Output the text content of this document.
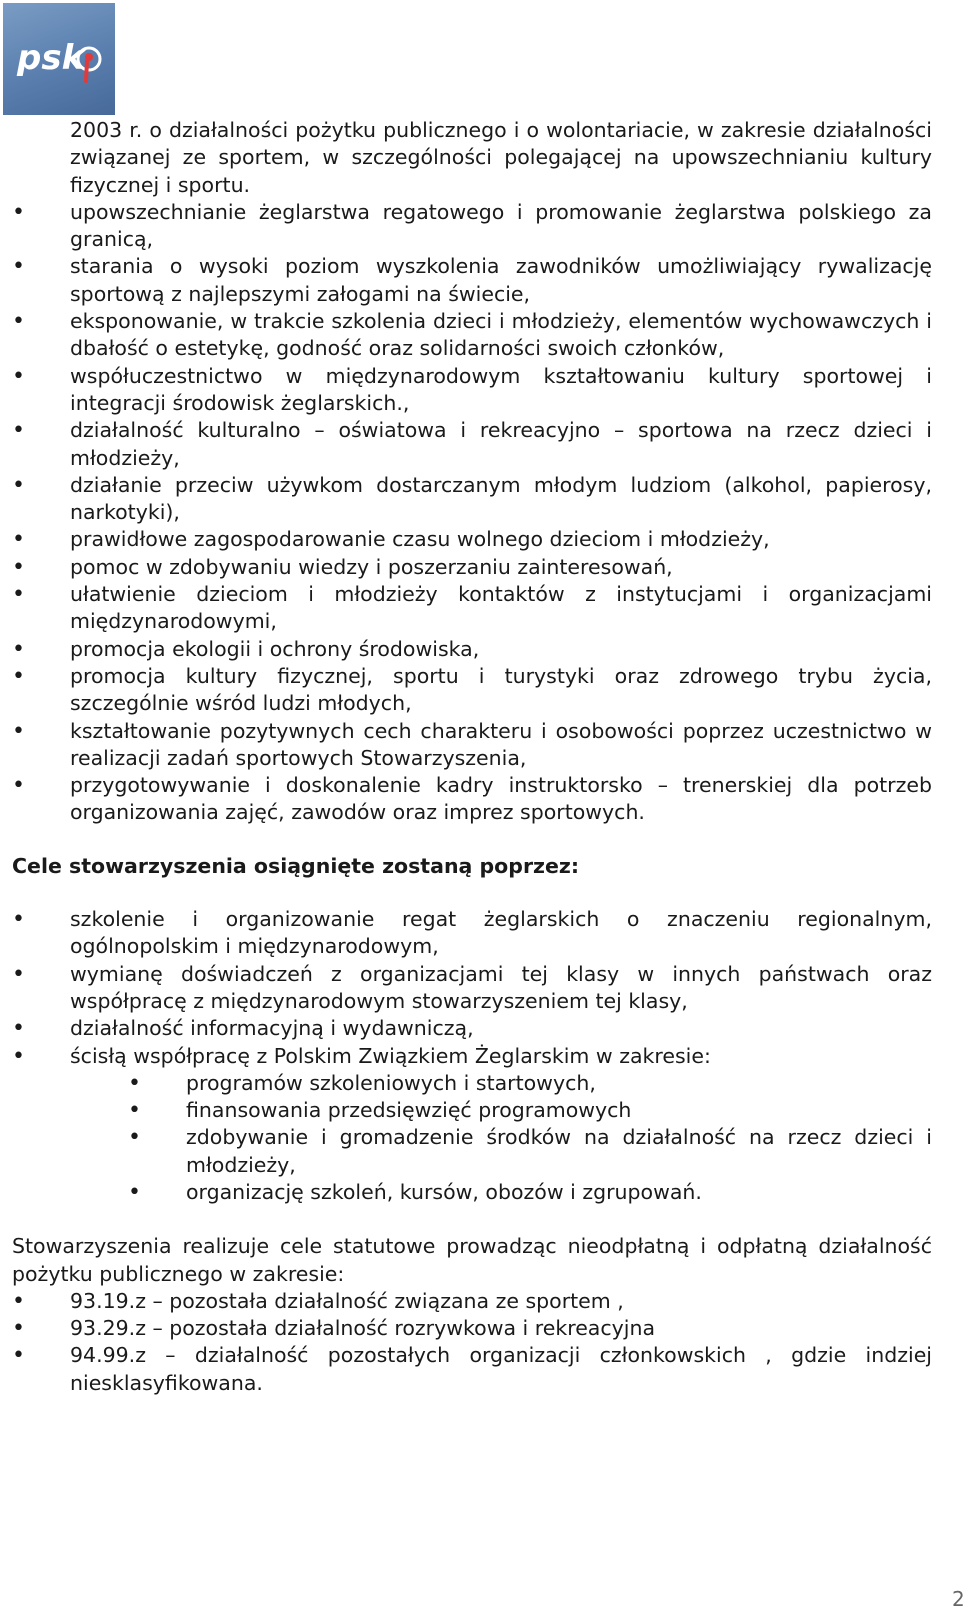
psk

2003 r. o działalności pożytku publicznego i o wolontariacie, w zakresie działalności związanej ze sportem, w szczególności polegającej na upowszechnianiu kultury fizycznej i sportu.

•	upowszechnianie żeglarstwa regatowego i promowanie żeglarstwa polskiego za granicą,
•	starania o wysoki poziom wyszkolenia zawodników umożliwiający rywalizację sportową z najlepszymi załogami na świecie,
•	eksponowanie, w trakcie szkolenia dzieci i młodzieży, elementów wychowawczych i dbałość o estetykę, godność oraz solidarności swoich członków,
•	współuczestnictwo w międzynarodowym kształtowaniu kultury sportowej i integracji środowisk żeglarskich.,
•	działalność kulturalno – oświatowa i rekreacyjno – sportowa na rzecz dzieci i młodzieży,
•	działanie przeciw używkom dostarczanym młodym ludziom (alkohol, papierosy, narkotyki),
•	prawidłowe zagospodarowanie czasu wolnego dzieciom i młodzieży,
•	pomoc w zdobywaniu wiedzy i poszerzaniu zainteresowań,
•	ułatwienie dzieciom i młodzieży kontaktów z instytucjami i organizacjami międzynarodowymi,
•	promocja ekologii i ochrony środowiska,
•	promocja kultury fizycznej, sportu i turystyki oraz zdrowego trybu życia, szczególnie wśród ludzi młodych,
•	kształtowanie pozytywnych cech charakteru i osobowości poprzez uczestnictwo w realizacji zadań sportowych Stowarzyszenia,
•	przygotowywanie i doskonalenie kadry instruktorsko – trenerskiej dla potrzeb organizowania zajęć, zawodów oraz imprez sportowych.

Cele stowarzyszenia osiągnięte zostaną poprzez:

•	szkolenie i organizowanie regat żeglarskich o znaczeniu regionalnym, ogólnopolskim i międzynarodowym,
•	wymianę doświadczeń z organizacjami tej klasy w innych państwach oraz współpracę z międzynarodowym stowarzyszeniem tej klasy,
•	działalność informacyjną i wydawniczą,
•	ścisłą współpracę z Polskim Związkiem Żeglarskim w zakresie:
•	programów szkoleniowych i startowych,
•	finansowania przedsięwzięć programowych
•	zdobywanie i gromadzenie środków na działalność na rzecz dzieci i młodzieży,
•	organizację szkoleń, kursów, obozów i zgrupowań.

Stowarzyszenia realizuje cele statutowe prowadząc nieodpłatną i odpłatną działalność pożytku publicznego w zakresie:

•	93.19.z – pozostała działalność związana ze sportem ,
•	93.29.z – pozostała działalność rozrywkowa i rekreacyjna
•	94.99.z – działalność pozostałych organizacji członkowskich , gdzie indziej niesklasyfikowana.
2
